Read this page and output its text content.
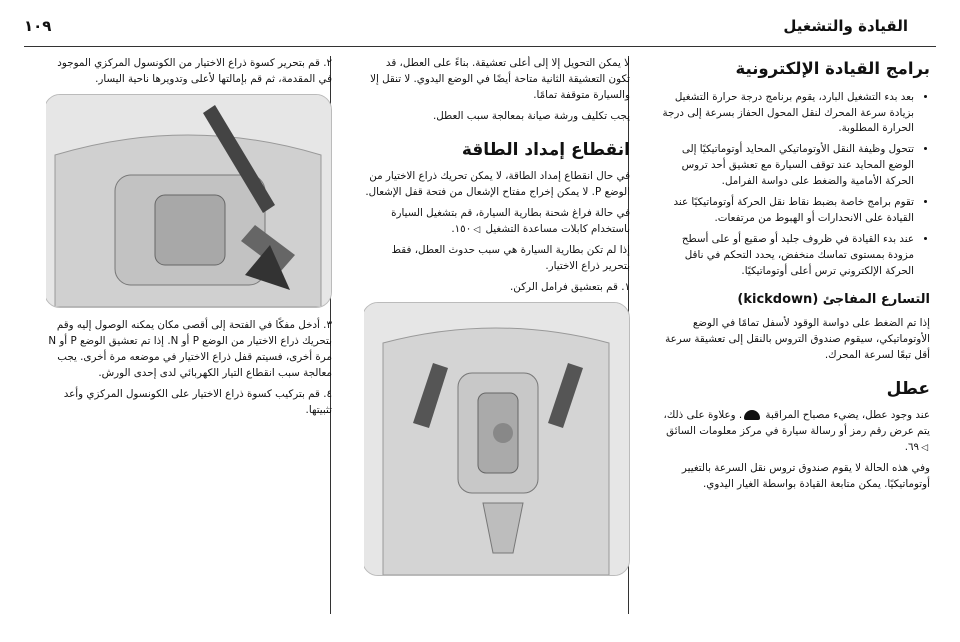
القيادة والتشغيل
١٠٩
برامج القيادة الإلكترونية
• بعد بدء التشغيل البارد، يقوم برنامج درجة حرارة التشغيل بزيادة سرعة المحرك لنقل المحول الحفاز بسرعة إلى درجة الحرارة المطلوبة.
• تتحول وظيفة النقل الأوتوماتيكي المحايد أوتوماتيكيًا إلى الوضع المحايد عند توقف السيارة مع تعشيق أحد تروس الحركة الأمامية والضغط على دواسة الفرامل.
• تقوم برامج خاصة بضبط نقاط نقل الحركة أوتوماتيكيًا عند القيادة على الانحدارات أو الهبوط من مرتفعات.
• عند بدء القيادة في ظروف جليد أو صقيع أو على أسطح مزودة بمستوى تماسك منخفض، يحدد التحكم في ناقل الحركة الإلكتروني ترس أعلى أوتوماتيكيًا.
التسارع المفاجئ (kickdown)

إذا تم الضغط على دواسة الوقود لأسفل تمامًا في الوضع الأوتوماتيكي، سيقوم صندوق التروس بالنقل إلى تعشيقة سرعة أقل تبعًا لسرعة المحرك.

عطل

عند وجود عطل، يضيء مصباح المراقبة . وعلاوة على ذلك، يتم عرض رقم رمز أو رسالة سيارة في مركز معلومات السائق ◁٦٩.

وفي هذه الحالة لا يقوم صندوق تروس نقل السرعة بالتغيير أوتوماتيكيًا. يمكن متابعة القيادة بواسطة الغيار اليدوي.

لا يمكن التحويل إلا إلى أعلى تعشيقة. بناءً على العطل، قد تكون التعشيقة الثانية متاحة أيضًا في الوضع اليدوي. لا تنقل إلا والسيارة متوقفة تمامًا.

يجب تكليف ورشة صيانة بمعالجة سبب العطل.

انقطاع إمداد الطاقة

في حال انقطاع إمداد الطاقة، لا يمكن تحريك ذراع الاختيار من الوضع P. لا يمكن إخراج مفتاح الإشعال من فتحة قفل الإشعال.

في حالة فراغ شحنة بطارية السيارة، قم بتشغيل السيارة باستخدام كابلات مساعدة التشغيل ◁١٥٠.

إذا لم تكن بطارية السيارة هي سبب حدوث العطل، فقط بتحرير ذراع الاختيار.

١. قم بتعشيق فرامل الركن.

٢. قم بتحرير كسوة ذراع الاختيار من الكونسول المركزي الموجود في المقدمة، ثم قم بإمالتها لأعلى وتدويرها ناحية اليسار.

٣. أدخل مفكًا في الفتحة إلى أقصى مكان يمكنه الوصول إليه وقم بتحريك ذراع الاختيار من الوضع P أو N. إذا تم تعشيق الوضع P أو N مرة أخرى، فسيتم قفل ذراع الاختيار في موضعه مرة أخرى. يجب معالجة سبب انقطاع التيار الكهربائي لدى إحدى الورش.

٤. قم بتركيب كسوة ذراع الاختيار على الكونسول المركزي وأعد تثبيتها.
